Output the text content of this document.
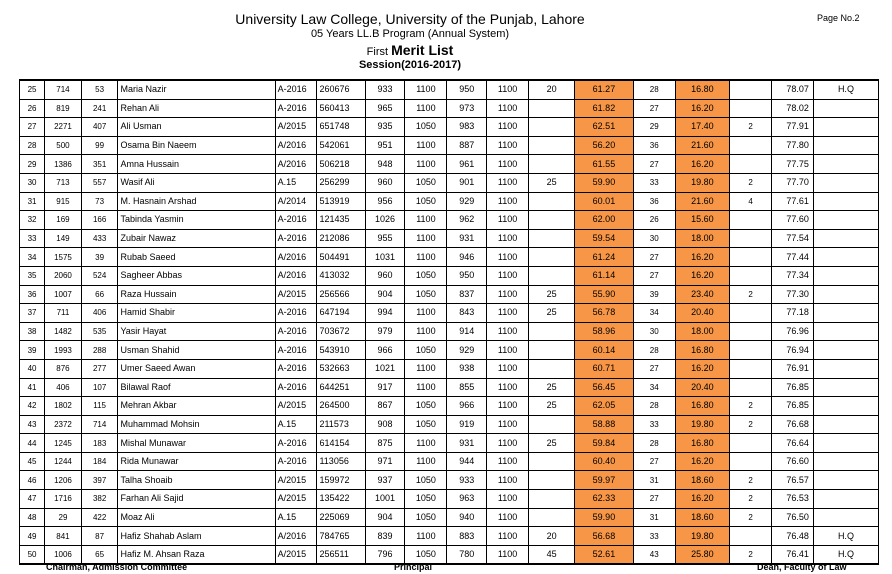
University Law College, University of the Punjab, Lahore
05 Years LL.B Program (Annual System)
First Merit List
Session(2016-2017)
Page No.2
25	714	53	Maria Nazir	A-2016	260676	933	1100	950	1100	20	61.27	28	16.80		78.07	H.Q
26	819	241	Rehan Ali	A-2016	560413	965	1100	973	1100		61.82	27	16.20		78.02	
27	2271	407	Ali Usman	A/2015	651748	935	1050	983	1100		62.51	29	17.40	2	77.91	
28	500	99	Osama Bin Naeem	A/2016	542061	951	1100	887	1100		56.20	36	21.60		77.80	
29	1386	351	Amna Hussain	A/2016	506218	948	1100	961	1100		61.55	27	16.20		77.75	
30	713	557	Wasif Ali	A.15	256299	960	1050	901	1100	25	59.90	33	19.80	2	77.70	
31	915	73	M. Hasnain Arshad	A/2014	513919	956	1050	929	1100		60.01	36	21.60	4	77.61	
32	169	166	Tabinda Yasmin	A-2016	121435	1026	1100	962	1100		62.00	26	15.60		77.60	
33	149	433	Zubair Nawaz	A-2016	212086	955	1100	931	1100		59.54	30	18.00		77.54	
34	1575	39	Rubab Saeed	A/2016	504491	1031	1100	946	1100		61.24	27	16.20		77.44	
35	2060	524	Sagheer Abbas	A/2016	413032	960	1050	950	1100		61.14	27	16.20		77.34	
36	1007	66	Raza Hussain	A/2015	256566	904	1050	837	1100	25	55.90	39	23.40	2	77.30	
37	711	406	Hamid Shabir	A-2016	647194	994	1100	843	1100	25	56.78	34	20.40		77.18	
38	1482	535	Yasir Hayat	A-2016	703672	979	1100	914	1100		58.96	30	18.00		76.96	
39	1993	288	Usman Shahid	A-2016	543910	966	1050	929	1100		60.14	28	16.80		76.94	
40	876	277	Umer Saeed Awan	A-2016	532663	1021	1100	938	1100		60.71	27	16.20		76.91	
41	406	107	Bilawal Raof	A-2016	644251	917	1100	855	1100	25	56.45	34	20.40		76.85	
42	1802	115	Mehran Akbar	A/2015	264500	867	1050	966	1100	25	62.05	28	16.80	2	76.85	
43	2372	714	Muhammad Mohsin	A.15	211573	908	1050	919	1100		58.88	33	19.80	2	76.68	
44	1245	183	Mishal Munawar	A-2016	614154	875	1100	931	1100	25	59.84	28	16.80		76.64	
45	1244	184	Rida Munawar	A-2016	113056	971	1100	944	1100		60.40	27	16.20		76.60	
46	1206	397	Talha Shoaib	A/2015	159972	937	1050	933	1100		59.97	31	18.60	2	76.57	
47	1716	382	Farhan Ali Sajid	A/2015	135422	1001	1050	963	1100		62.33	27	16.20	2	76.53	
48	29	422	Moaz Ali	A.15	225069	904	1050	940	1100		59.90	31	18.60	2	76.50	
49	841	87	Hafiz Shahab Aslam	A/2016	784765	839	1100	883	1100	20	56.68	33	19.80		76.48	H.Q
50	1006	65	Hafiz M. Ahsan Raza	A/2015	256511	796	1050	780	1100	45	52.61	43	25.80	2	76.41	H.Q
Chairman, Admission Committee	Principal	Dean, Faculty of Law
